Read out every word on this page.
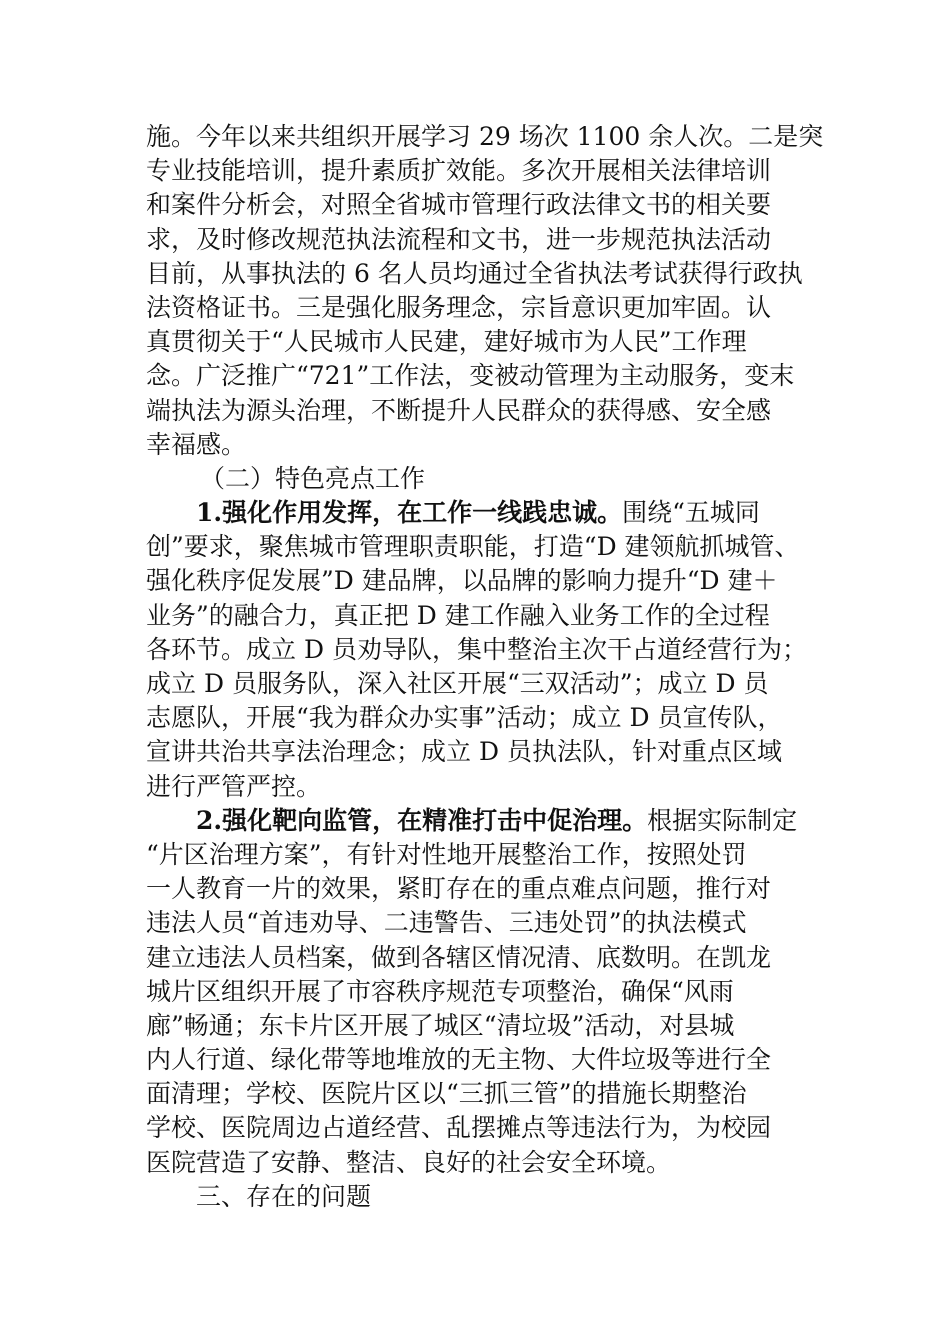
施。今年以来共组织开展学习 29 场次 1100 余人次。二是突
专业技能培训，提升素质扩效能。多次开展相关法律培训
和案件分析会，对照全省城市管理行政法律文书的相关要
求，及时修改规范执法流程和文书，进一步规范执法活动
目前，从事执法的 6 名人员均通过全省执法考试获得行政执
法资格证书。三是强化服务理念，宗旨意识更加牢固。认
真贯彻关于“人民城市人民建，建好城市为人民”工作理
念。广泛推广“721”工作法，变被动管理为主动服务，变末
端执法为源头治理，不断提升人民群众的获得感、安全感
幸福感。
（二）特色亮点工作
1.强化作用发挥，在工作一线践忠诚。围绕“五城同
创”要求，聚焦城市管理职责职能，打造“D 建领航抓城管、
强化秩序促发展”D 建品牌，以品牌的影响力提升“D 建＋
业务”的融合力，真正把 D 建工作融入业务工作的全过程
各环节。成立 D 员劝导队，集中整治主次干占道经营行为；
成立 D 员服务队，深入社区开展“三双活动”；成立 D 员
志愿队，开展“我为群众办实事”活动；成立 D 员宣传队，
宣讲共治共享法治理念；成立 D 员执法队，针对重点区域
进行严管严控。
2.强化靶向监管，在精准打击中促治理。根据实际制定
“片区治理方案”，有针对性地开展整治工作，按照处罚
一人教育一片的效果，紧盯存在的重点难点问题，推行对
违法人员“首违劝导、二违警告、三违处罚”的执法模式
建立违法人员档案，做到各辖区情况清、底数明。在凯龙
城片区组织开展了市容秩序规范专项整治，确保“风雨
廊”畅通；东卡片区开展了城区“清垃圾”活动，对县城
内人行道、绿化带等地堆放的无主物、大件垃圾等进行全
面清理；学校、医院片区以“三抓三管”的措施长期整治
学校、医院周边占道经营、乱摆摊点等违法行为，为校园
医院营造了安静、整洁、良好的社会安全环境。
三、存在的问题
